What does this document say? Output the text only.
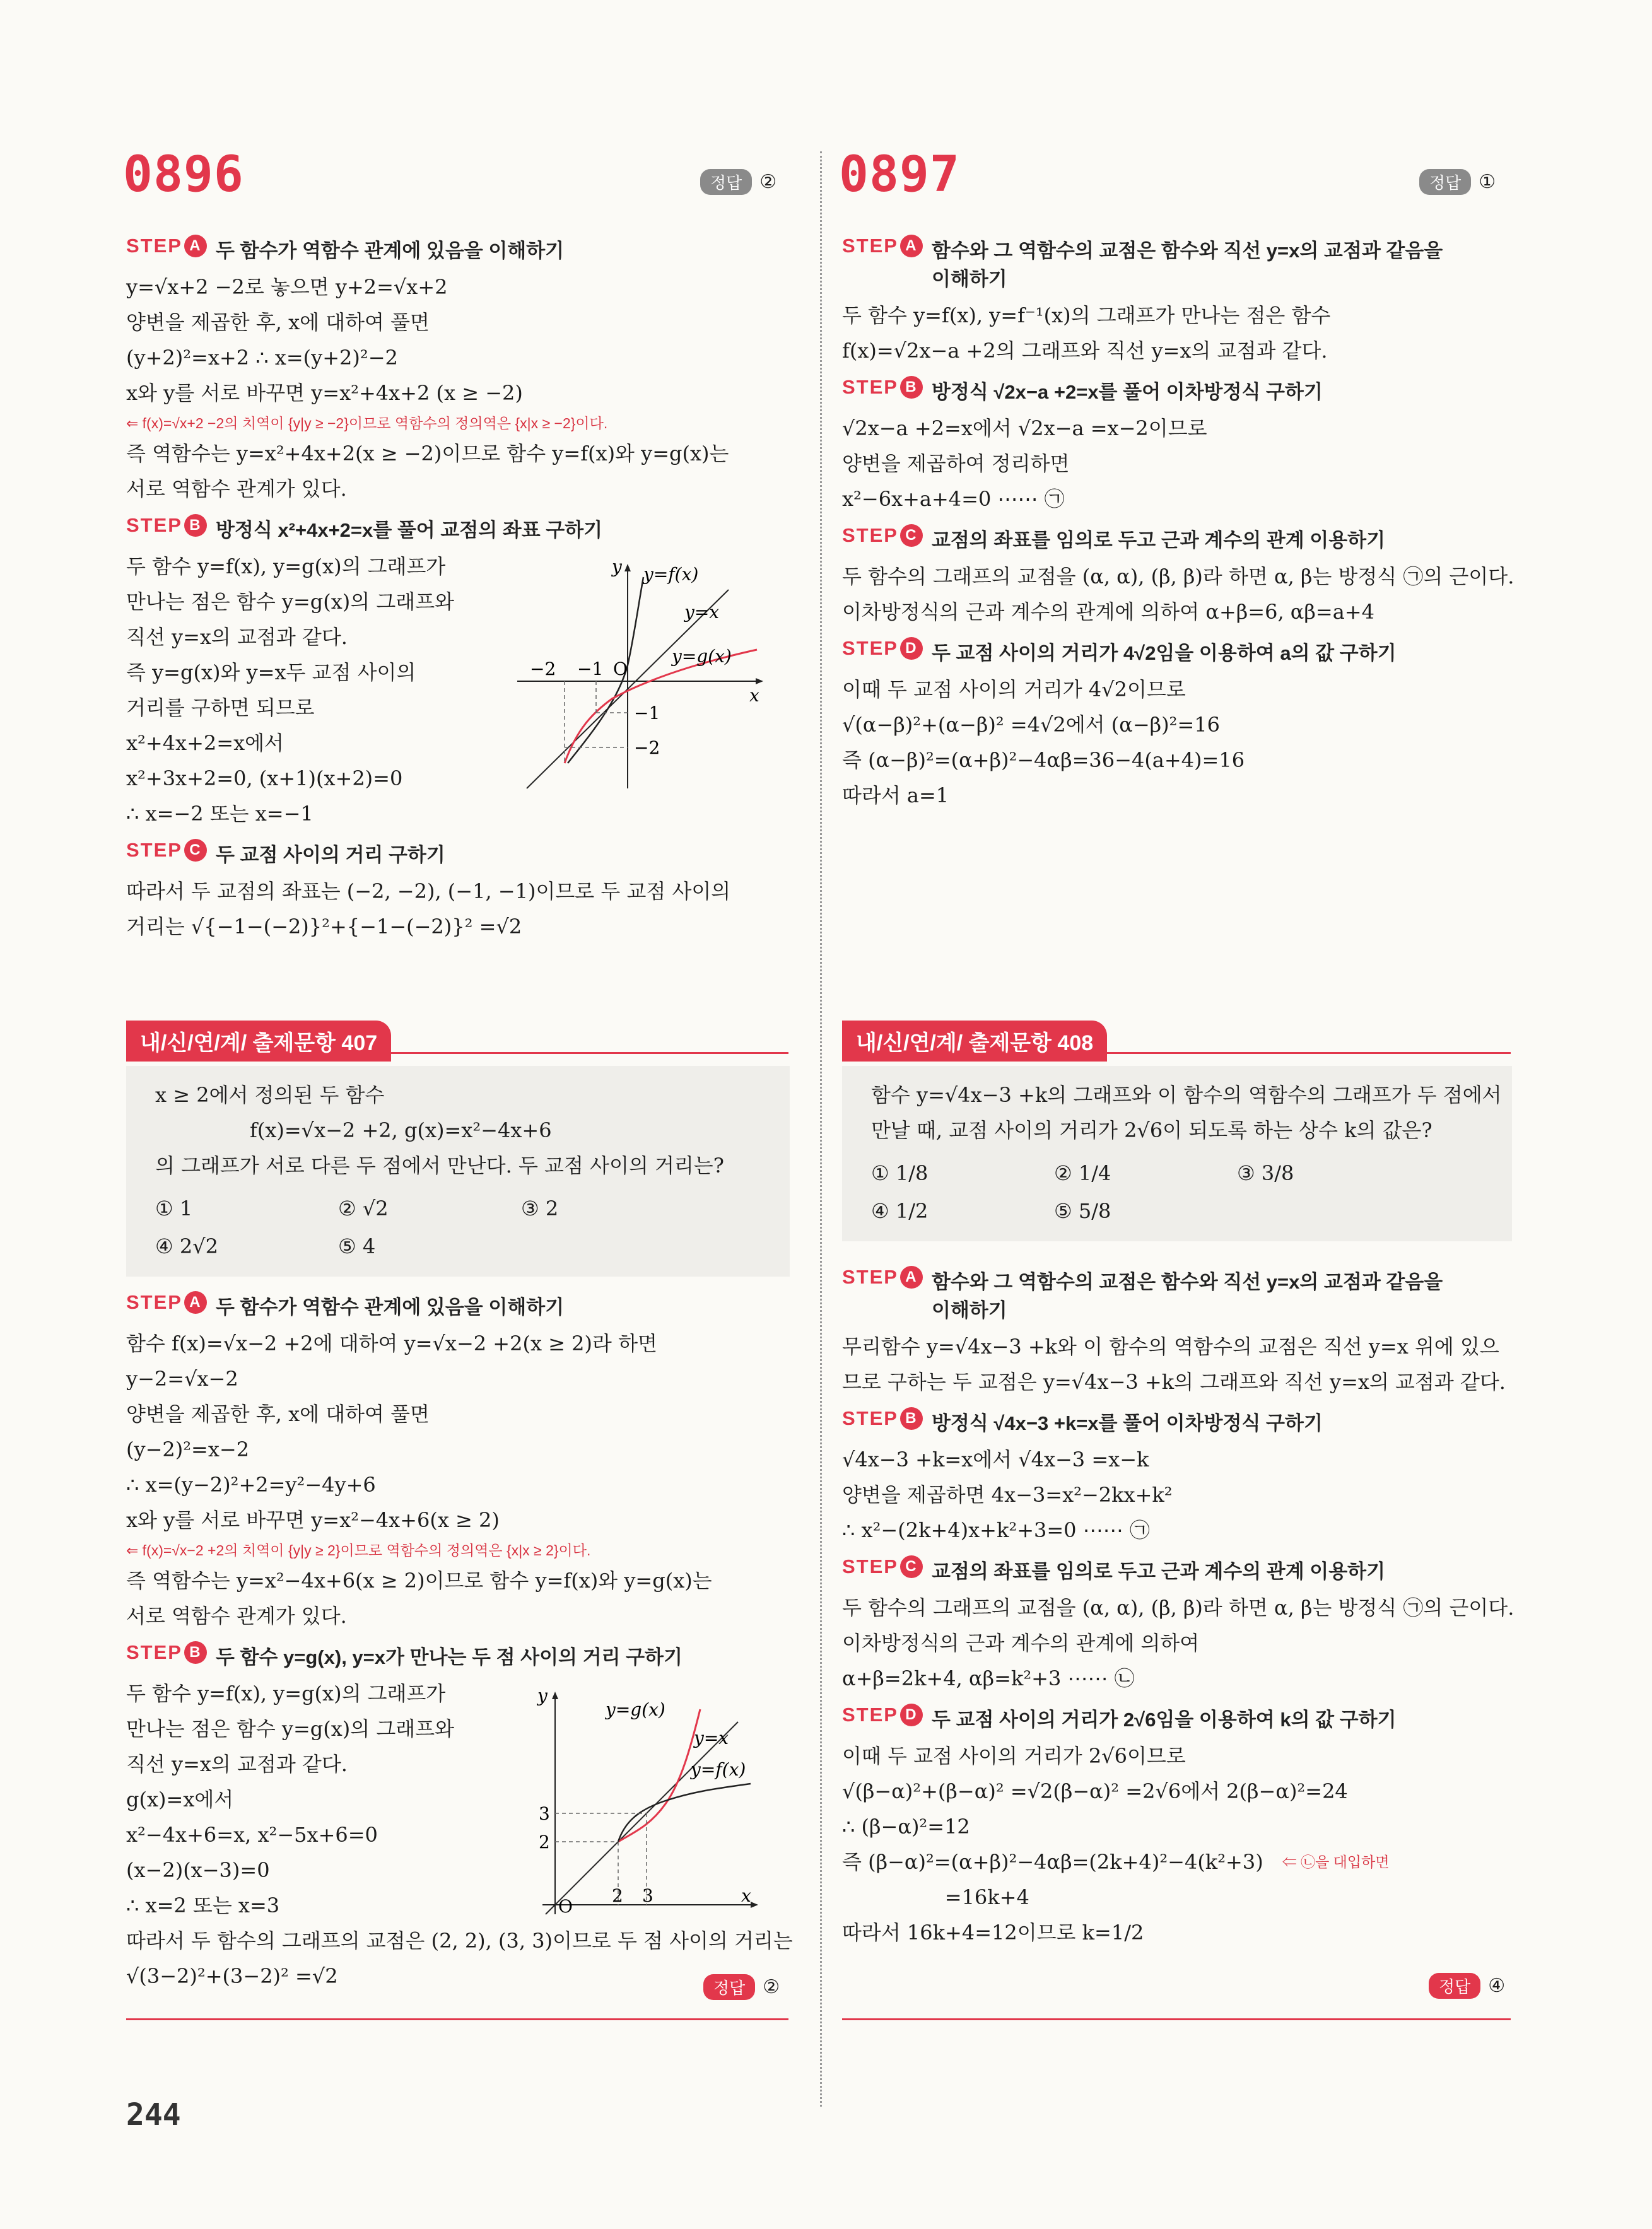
0896	정답 ②
STEP A 두 함수가 역함수 관계에 있음을 이해하기
y=√x+2 −2로 놓으면 y+2=√x+2
양변을 제곱한 후, x에 대하여 풀면
(y+2)²=x+2 ∴ x=(y+2)²−2
x와 y를 서로 바꾸면 y=x²+4x+2 (x ≥ −2)
⇐ f(x)=√x+2 −2의 치역이 {y|y ≥ −2}이므로 역함수의 정의역은 {x|x ≥ −2}이다.
즉 역함수는 y=x²+4x+2(x ≥ −2)이므로 함수 y=f(x)와 y=g(x)는
서로 역함수 관계가 있다.
STEP B 방정식 x²+4x+2=x를 풀어 교점의 좌표 구하기
두 함수 y=f(x), y=g(x)의 그래프가
만나는 점은 함수 y=g(x)의 그래프와
직선 y=x의 교점과 같다.
즉 y=g(x)와 y=x두 교점 사이의
거리를 구하면 되므로
x²+4x+2=x에서
x²+3x+2=0, (x+1)(x+2)=0
∴ x=−2 또는 x=−1
STEP C 두 교점 사이의 거리 구하기
따라서 두 교점의 좌표는 (−2, −2), (−1, −1)이므로 두 교점 사이의
거리는 √{−1−(−2)}²+{−1−(−2)}² =√2
y
x
O
y=f(x)
y=x
y=g(x)
−2 −1
−1
−2
내/신/연/계/ 출제문항 407
x ≥ 2에서 정의된 두 함수
f(x)=√x−2 +2, g(x)=x²−4x+6
의 그래프가 서로 다른 두 점에서 만난다. 두 교점 사이의 거리는?
① 1	② √2	③ 2
④ 2√2	⑤ 4
STEP A 두 함수가 역함수 관계에 있음을 이해하기
함수 f(x)=√x−2 +2에 대하여 y=√x−2 +2(x ≥ 2)라 하면
y−2=√x−2
양변을 제곱한 후, x에 대하여 풀면
(y−2)²=x−2
∴ x=(y−2)²+2=y²−4y+6
x와 y를 서로 바꾸면 y=x²−4x+6(x ≥ 2)
⇐ f(x)=√x−2 +2의 치역이 {y|y ≥ 2}이므로 역함수의 정의역은 {x|x ≥ 2}이다.
즉 역함수는 y=x²−4x+6(x ≥ 2)이므로 함수 y=f(x)와 y=g(x)는
서로 역함수 관계가 있다.
STEP B 두 함수 y=g(x), y=x가 만나는 두 점 사이의 거리 구하기
두 함수 y=f(x), y=g(x)의 그래프가
만나는 점은 함수 y=g(x)의 그래프와
직선 y=x의 교점과 같다.
g(x)=x에서
x²−4x+6=x, x²−5x+6=0
(x−2)(x−3)=0
∴ x=2 또는 x=3
따라서 두 함수의 그래프의 교점은 (2, 2), (3, 3)이므로 두 점 사이의 거리는
√(3−2)²+(3−2)² =√2
y
x
O
y=g(x)
y=x
y=f(x)
2 3
2
3
정답 ②
0897	정답 ①
STEP A 함수와 그 역함수의 교점은 함수와 직선 y=x의 교점과 같음을
이해하기
두 함수 y=f(x), y=f⁻¹(x)의 그래프가 만나는 점은 함수
f(x)=√2x−a +2의 그래프와 직선 y=x의 교점과 같다.
STEP B 방정식 √2x−a +2=x를 풀어 이차방정식 구하기
√2x−a +2=x에서 √2x−a =x−2이므로
양변을 제곱하여 정리하면
x²−6x+a+4=0 ⋯⋯ ㉠
STEP C 교점의 좌표를 임의로 두고 근과 계수의 관계 이용하기
두 함수의 그래프의 교점을 (α, α), (β, β)라 하면 α, β는 방정식 ㉠의 근이다.
이차방정식의 근과 계수의 관계에 의하여 α+β=6, αβ=a+4
STEP D 두 교점 사이의 거리가 4√2임을 이용하여 a의 값 구하기
이때 두 교점 사이의 거리가 4√2이므로
√(α−β)²+(α−β)² =4√2에서 (α−β)²=16
즉 (α−β)²=(α+β)²−4αβ=36−4(a+4)=16
따라서 a=1
내/신/연/계/ 출제문항 408
함수 y=√4x−3 +k의 그래프와 이 함수의 역함수의 그래프가 두 점에서
만날 때, 교점 사이의 거리가 2√6이 되도록 하는 상수 k의 값은?
① 1/8	② 1/4	③ 3/8
④ 1/2	⑤ 5/8
STEP A 함수와 그 역함수의 교점은 함수와 직선 y=x의 교점과 같음을
이해하기
무리함수 y=√4x−3 +k와 이 함수의 역함수의 교점은 직선 y=x 위에 있으
므로 구하는 두 교점은 y=√4x−3 +k의 그래프와 직선 y=x의 교점과 같다.
STEP B 방정식 √4x−3 +k=x를 풀어 이차방정식 구하기
√4x−3 +k=x에서 √4x−3 =x−k
양변을 제곱하면 4x−3=x²−2kx+k²
∴ x²−(2k+4)x+k²+3=0 ⋯⋯ ㉠
STEP C 교점의 좌표를 임의로 두고 근과 계수의 관계 이용하기
두 함수의 그래프의 교점을 (α, α), (β, β)라 하면 α, β는 방정식 ㉠의 근이다.
이차방정식의 근과 계수의 관계에 의하여
α+β=2k+4, αβ=k²+3 ⋯⋯ ㉡
STEP D 두 교점 사이의 거리가 2√6임을 이용하여 k의 값 구하기
이때 두 교점 사이의 거리가 2√6이므로
√(β−α)²+(β−α)² =√2(β−α)² =2√6에서 2(β−α)²=24
∴ (β−α)²=12
즉 (β−α)²=(α+β)²−4αβ=(2k+4)²−4(k²+3) ⇐ ㉡을 대입하면
=16k+4
따라서 16k+4=12이므로 k=1/2
정답 ④
244
